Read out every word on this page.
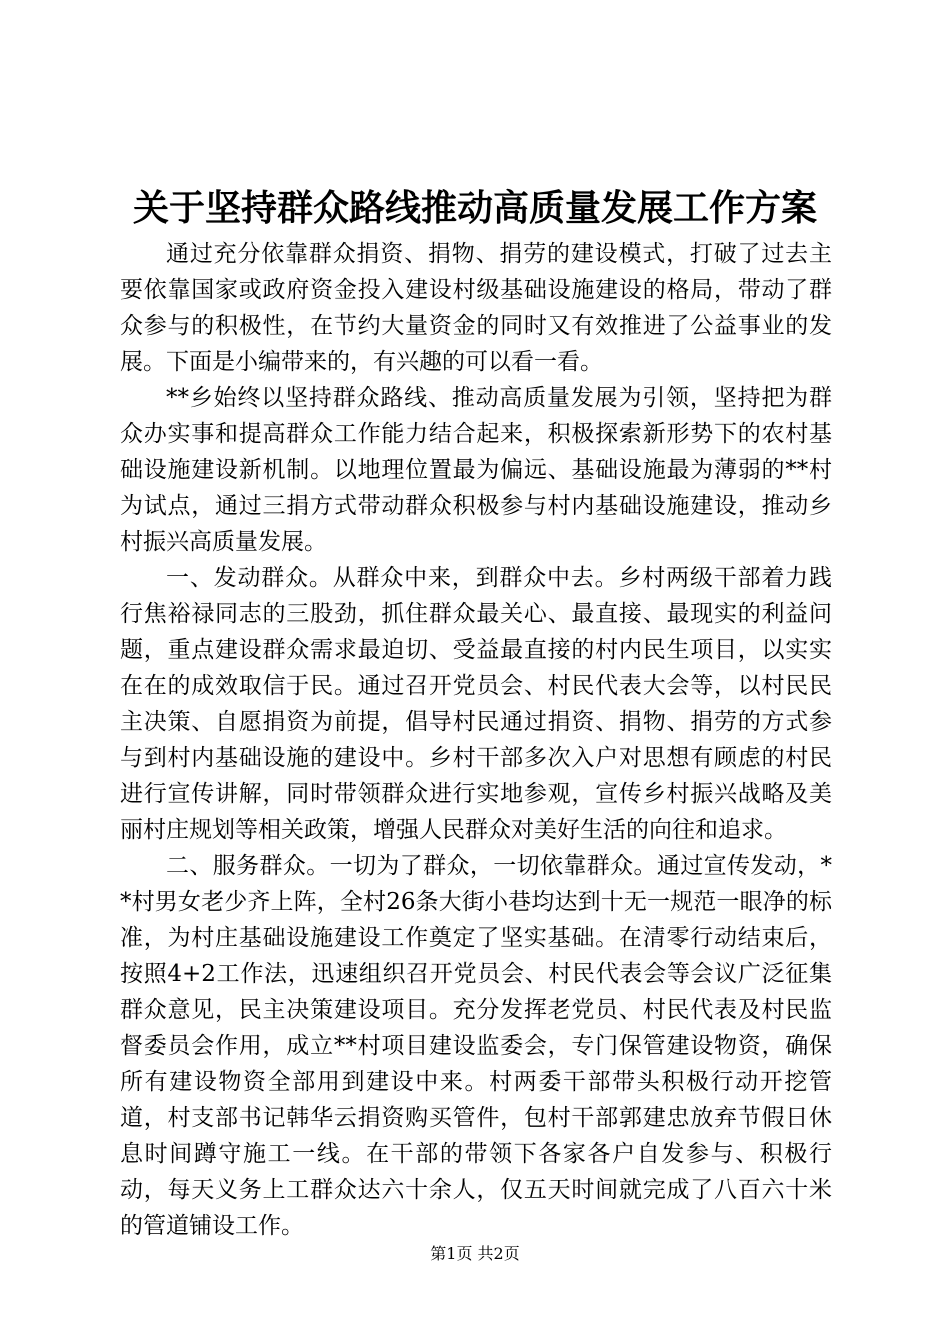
关于坚持群众路线推动高质量发展工作方案

通过充分依靠群众捐资、捐物、捐劳的建设模式，打破了过去主要依靠国家或政府资金投入建设村级基础设施建设的格局，带动了群众参与的积极性，在节约大量资金的同时又有效推进了公益事业的发展。下面是小编带来的，有兴趣的可以看一看。

**乡始终以坚持群众路线、推动高质量发展为引领，坚持把为群众办实事和提高群众工作能力结合起来，积极探索新形势下的农村基础设施建设新机制。以地理位置最为偏远、基础设施最为薄弱的**村为试点，通过三捐方式带动群众积极参与村内基础设施建设，推动乡村振兴高质量发展。

一、发动群众。从群众中来，到群众中去。乡村两级干部着力践行焦裕禄同志的三股劲，抓住群众最关心、最直接、最现实的利益问题，重点建设群众需求最迫切、受益最直接的村内民生项目，以实实在在的成效取信于民。通过召开党员会、村民代表大会等，以村民民主决策、自愿捐资为前提，倡导村民通过捐资、捐物、捐劳的方式参与到村内基础设施的建设中。乡村干部多次入户对思想有顾虑的村民进行宣传讲解，同时带领群众进行实地参观，宣传乡村振兴战略及美丽村庄规划等相关政策，增强人民群众对美好生活的向往和追求。

二、服务群众。一切为了群众，一切依靠群众。通过宣传发动，**村男女老少齐上阵，全村26条大街小巷均达到十无一规范一眼净的标准，为村庄基础设施建设工作奠定了坚实基础。在清零行动结束后，按照4+2工作法，迅速组织召开党员会、村民代表会等会议广泛征集群众意见，民主决策建设项目。充分发挥老党员、村民代表及村民监督委员会作用，成立**村项目建设监委会，专门保管建设物资，确保所有建设物资全部用到建设中来。村两委干部带头积极行动开挖管道，村支部书记韩华云捐资购买管件，包村干部郭建忠放弃节假日休息时间蹲守施工一线。在干部的带领下各家各户自发参与、积极行动，每天义务上工群众达六十余人，仅五天时间就完成了八百六十米的管道铺设工作。

第1页 共2页
